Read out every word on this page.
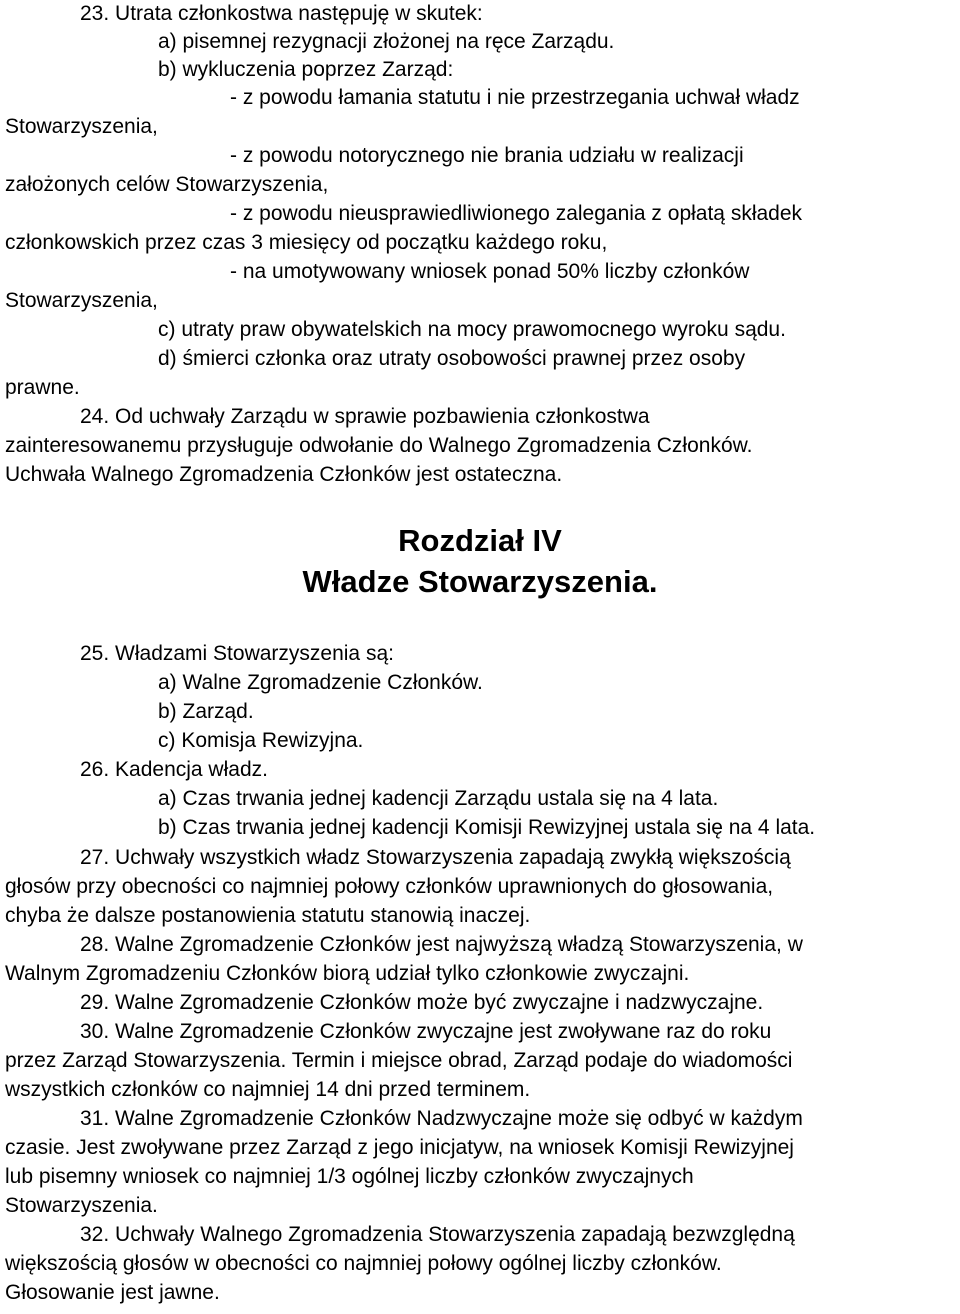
23. Utrata członkostwa następuję w skutek:

a) pisemnej rezygnacji złożonej na ręce Zarządu.

b) wykluczenia poprzez Zarząd:

- z powodu łamania statutu i nie przestrzegania uchwał władz

Stowarzyszenia,

- z powodu notorycznego nie brania udziału w realizacji

założonych celów Stowarzyszenia,

- z powodu nieusprawiedliwionego zalegania z opłatą składek

członkowskich przez czas 3 miesięcy od początku każdego roku,

- na umotywowany wniosek ponad 50% liczby członków

Stowarzyszenia,

c) utraty praw obywatelskich na mocy prawomocnego wyroku sądu.

d) śmierci członka oraz utraty osobowości prawnej przez osoby

prawne.

24. Od uchwały Zarządu w sprawie pozbawienia członkostwa

zainteresowanemu przysługuje odwołanie do Walnego Zgromadzenia Członków.

Uchwała Walnego Zgromadzenia Członków jest ostateczna.

Rozdział IV
Władze Stowarzyszenia.

25. Władzami Stowarzyszenia są:

a) Walne Zgromadzenie Członków.

b) Zarząd.

c) Komisja Rewizyjna.

26. Kadencja władz.

a) Czas trwania jednej kadencji Zarządu ustala się na 4 lata.

b) Czas trwania jednej kadencji Komisji Rewizyjnej ustala się na 4 lata.

27. Uchwały wszystkich władz Stowarzyszenia zapadają zwykłą większością

głosów przy obecności co najmniej połowy członków uprawnionych do głosowania,

chyba że dalsze postanowienia statutu stanowią inaczej.

28. Walne Zgromadzenie Członków jest najwyższą władzą Stowarzyszenia, w

Walnym Zgromadzeniu Członków biorą udział tylko członkowie zwyczajni.

29. Walne Zgromadzenie Członków może być zwyczajne i nadzwyczajne.

30. Walne Zgromadzenie Członków zwyczajne jest zwoływane raz do roku

przez Zarząd Stowarzyszenia. Termin i miejsce obrad, Zarząd podaje do wiadomości

wszystkich członków co najmniej 14 dni przed terminem.

31. Walne Zgromadzenie Członków Nadzwyczajne może się odbyć w każdym

czasie. Jest zwoływane przez Zarząd z jego inicjatyw, na wniosek Komisji Rewizyjnej

lub pisemny wniosek co najmniej 1/3 ogólnej liczby członków zwyczajnych

Stowarzyszenia.

32. Uchwały Walnego Zgromadzenia Stowarzyszenia zapadają bezwzględną

większością głosów w obecności co najmniej połowy ogólnej liczby członków.

Głosowanie jest jawne.
